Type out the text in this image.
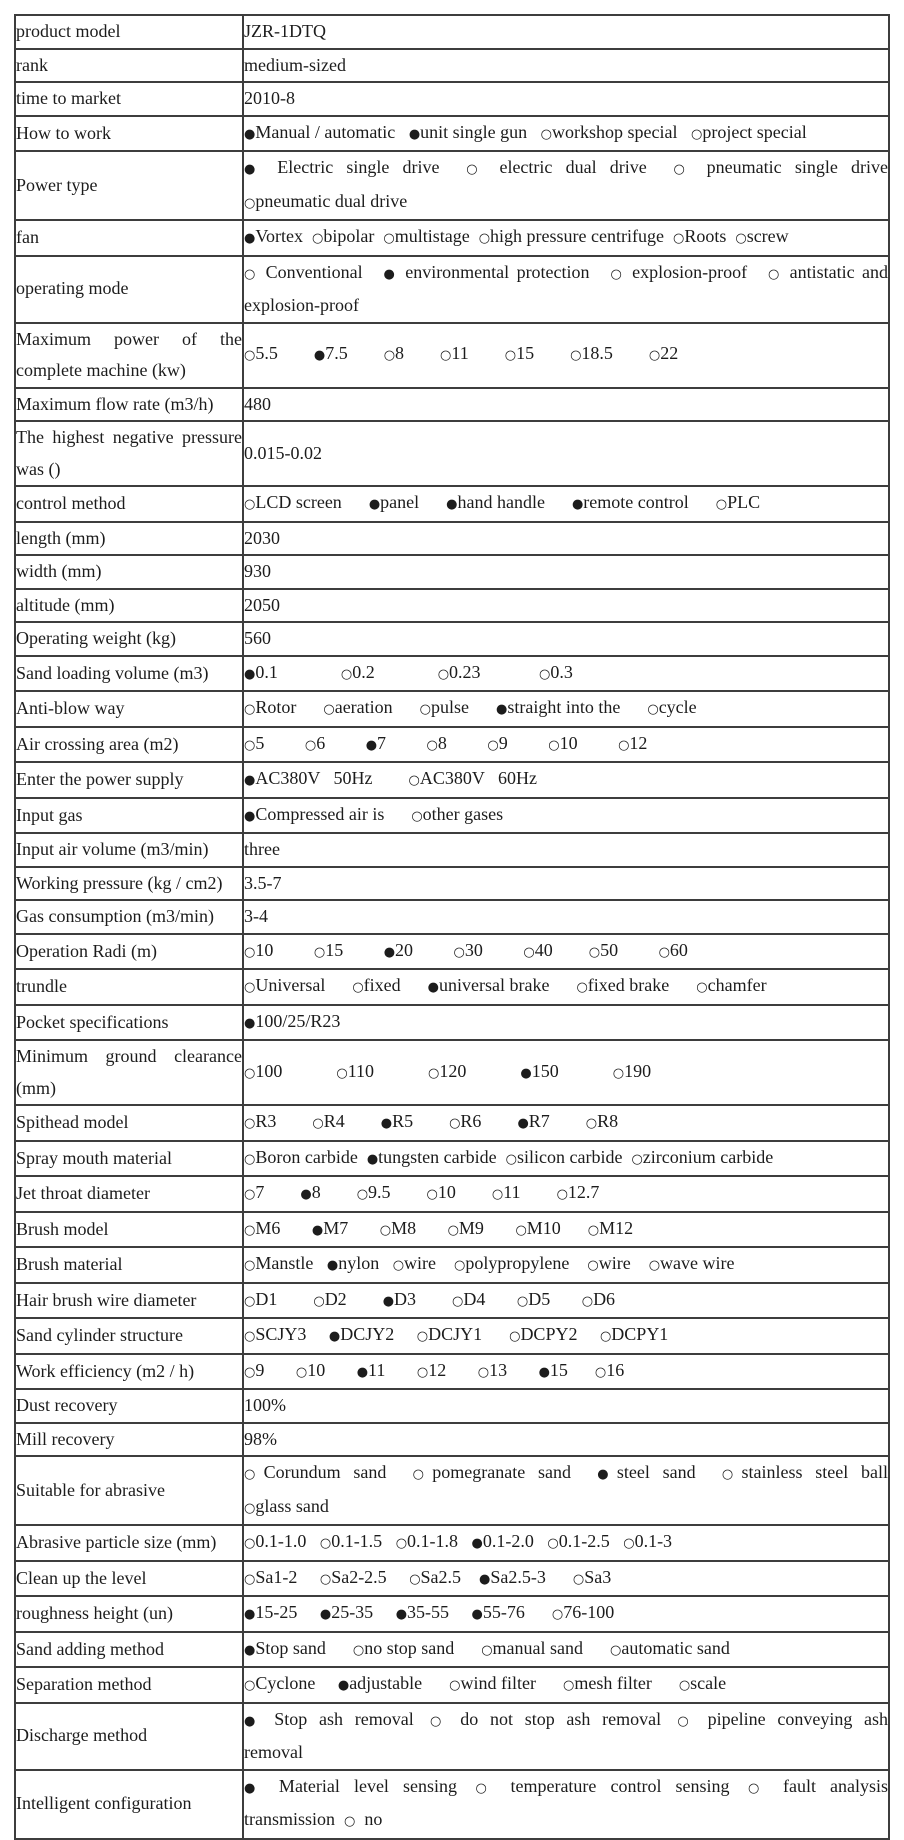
product model	JZR-1DTQ

rank	medium-sized

time to market	2010-8

How to work	●Manual / automatic   ●unit single gun   ○workshop special   ○project special

Power type	● Electric single drive  ○ electric dual drive  ○ pneumatic single drive
○pneumatic dual drive

fan	●Vortex  ○bipolar  ○multistage  ○high pressure centrifuge  ○Roots  ○screw

operating mode	○ Conventional  ● environmental protection  ○ explosion-proof  ○ antistatic and
explosion-proof

Maximum power of the
complete machine (kw)	○5.5        ●7.5        ○8        ○11        ○15        ○18.5        ○22

Maximum flow rate (m3/h)	480

The highest negative pressure
was ()	0.015-0.02

control method	○LCD screen      ●panel      ●hand handle      ●remote control      ○PLC

length (mm)	2030

width (mm)	930

altitude (mm)	2050

Operating weight (kg)	560

Sand loading volume (m3)	●0.1              ○0.2              ○0.23             ○0.3

Anti-blow way	○Rotor      ○aeration      ○pulse      ●straight into the      ○cycle

Air crossing area (m2)	○5         ○6         ●7         ○8         ○9         ○10         ○12

Enter the power supply	●AC380V   50Hz        ○AC380V   60Hz

Input gas	●Compressed air is      ○other gases

Input air volume (m3/min)	three

Working pressure (kg / cm2)	3.5-7

Gas consumption (m3/min)	3-4

Operation Radi (m)	○10         ○15         ●20         ○30         ○40        ○50         ○60

trundle	○Universal      ○fixed      ●universal brake      ○fixed brake      ○chamfer

Pocket specifications	●100/25/R23

Minimum ground clearance
(mm)	○100            ○110            ○120            ●150            ○190

Spithead model	○R3        ○R4        ●R5        ○R6        ●R7        ○R8

Spray mouth material	○Boron carbide  ●tungsten carbide  ○silicon carbide  ○zirconium carbide

Jet throat diameter	○7        ●8        ○9.5        ○10        ○11        ○12.7

Brush model	○M6       ●M7       ○M8       ○M9       ○M10      ○M12

Brush material	○Manstle   ●nylon   ○wire    ○polypropylene    ○wire    ○wave wire

Hair brush wire diameter	○D1        ○D2        ●D3        ○D4       ○D5       ○D6

Sand cylinder structure	○SCJY3     ●DCJY2     ○DCJY1      ○DCPY2     ○DCPY1

Work efficiency (m2 / h)	○9       ○10       ●11       ○12       ○13       ●15      ○16

Dust recovery	100%

Mill recovery	98%

Suitable for abrasive	○Corundum sand  ○pomegranate sand  ●steel sand  ○stainless steel ball
○glass sand

Abrasive particle size (mm)	○0.1-1.0   ○0.1-1.5   ○0.1-1.8   ●0.1-2.0   ○0.1-2.5   ○0.1-3

Clean up the level	○Sa1-2     ○Sa2-2.5     ○Sa2.5    ●Sa2.5-3      ○Sa3

roughness height (un)	●15-25     ●25-35     ●35-55     ●55-76      ○76-100

Sand adding method	●Stop sand      ○no stop sand      ○manual sand      ○automatic sand

Separation method	○Cyclone     ●adjustable      ○wind filter      ○mesh filter      ○scale

Discharge method	● Stop ash removal ○ do not stop ash removal ○ pipeline conveying ash
removal

Intelligent configuration	● Material level sensing ○ temperature control sensing ○ fault analysis
transmission  ○  no
